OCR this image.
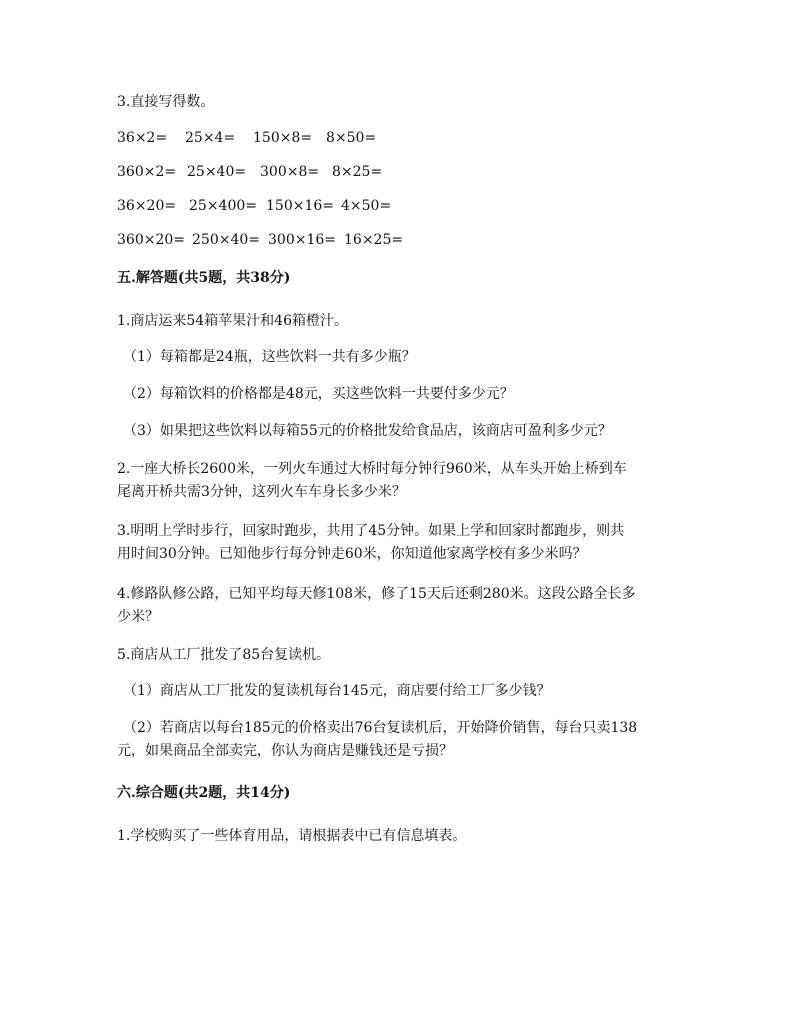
3.直接写得数。
36×2= 25×4= 150×8= 8×50=
360×2= 25×40= 300×8= 8×25=
36×20= 25×400= 150×16= 4×50=
360×20= 250×40= 300×16= 16×25=
五.解答题(共5题，共38分)
1.商店运来54箱苹果汁和46箱橙汁。
（1）每箱都是24瓶，这些饮料一共有多少瓶？
（2）每箱饮料的价格都是48元，买这些饮料一共要付多少元？
（3）如果把这些饮料以每箱55元的价格批发给食品店，该商店可盈利多少元？
2.一座大桥长2600米，一列火车通过大桥时每分钟行960米，从车头开始上桥到车
尾离开桥共需3分钟，这列火车车身长多少米？
3.明明上学时步行，回家时跑步，共用了45分钟。如果上学和回家时都跑步，则共
用时间30分钟。已知他步行每分钟走60米，你知道他家离学校有多少米吗？
4.修路队修公路，已知平均每天修108米，修了15天后还剩280米。这段公路全长多
少米？
5.商店从工厂批发了85台复读机。
（1）商店从工厂批发的复读机每台145元，商店要付给工厂多少钱？
（2）若商店以每台185元的价格卖出76台复读机后，开始降价销售，每台只卖138
元，如果商品全部卖完，你认为商店是赚钱还是亏损？
六.综合题(共2题，共14分)
1.学校购买了一些体育用品，请根据表中已有信息填表。
